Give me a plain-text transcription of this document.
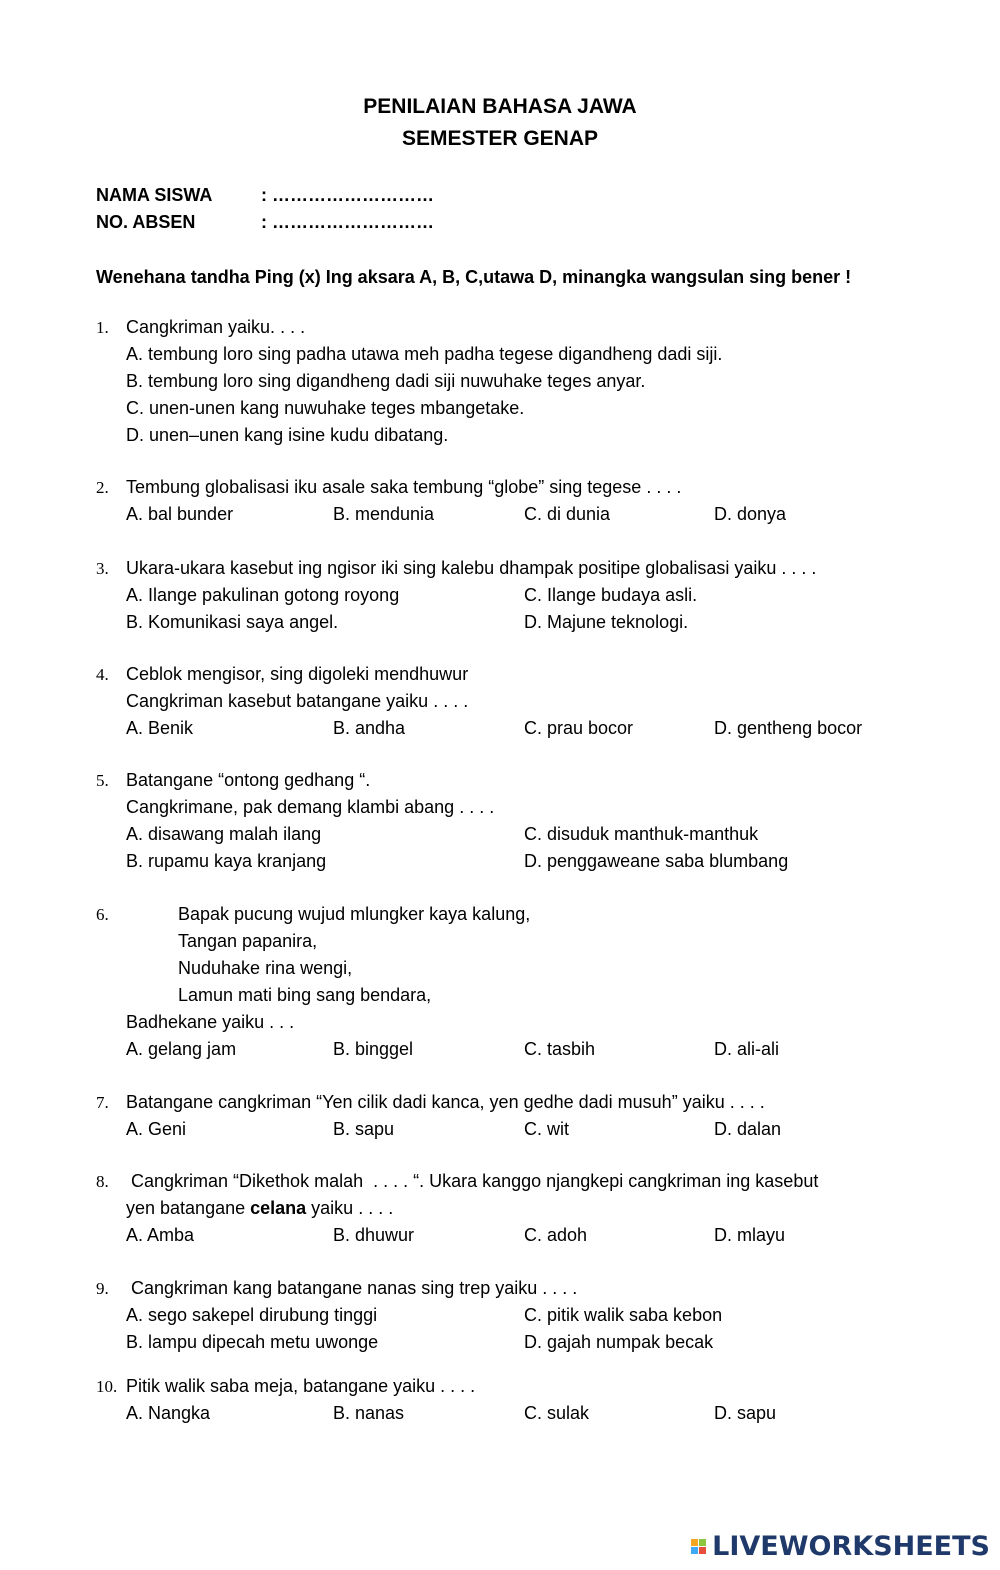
PENILAIAN BAHASA JAWA
SEMESTER GENAP
NAMA SISWA	: ………………………
NO. ABSEN	: ………………………
Wenehana tandha Ping (x) Ing aksara A, B, C,utawa D, minangka wangsulan sing bener !
1. Cangkriman yaiku. . . .
A. tembung loro sing padha utawa meh padha tegese digandheng dadi siji.
B. tembung loro sing digandheng dadi siji nuwuhake teges anyar.
C. unen-unen kang nuwuhake teges mbangetake.
D. unen–unen kang isine kudu dibatang.
2. Tembung globalisasi iku asale saka tembung “globe” sing tegese . . . .
A. bal bunder	B. mendunia	C. di dunia	D. donya
3. Ukara-ukara kasebut ing ngisor iki sing kalebu dhampak positipe globalisasi yaiku . . . .
A. Ilange pakulinan gotong royong	C. Ilange budaya asli.
B. Komunikasi saya angel.	D. Majune teknologi.
4. Ceblok mengisor, sing digoleki mendhuwur
Cangkriman kasebut batangane yaiku . . . .
A. Benik	B. andha	C. prau bocor	D. gentheng bocor
5. Batangane “ontong gedhang “.
Cangkrimane, pak demang klambi abang . . . .
A. disawang malah ilang	C. disuduk manthuk-manthuk
B. rupamu kaya kranjang	D. penggaweane saba blumbang
6.	Bapak pucung wujud mlungker kaya kalung,
Tangan papanira,
Nuduhake rina wengi,
Lamun mati bing sang bendara,
Badhekane yaiku . . .
A. gelang jam	B. binggel	C. tasbih	D. ali-ali
7. Batangane cangkriman “Yen cilik dadi kanca, yen gedhe dadi musuh” yaiku . . . .
A. Geni	B. sapu	C. wit	D. dalan
8. Cangkriman “Dikethok malah  . . . . “. Ukara kanggo njangkepi cangkriman ing kasebut
yen batangane celana yaiku . . . .
A. Amba	B. dhuwur	C. adoh	D. mlayu
9. Cangkriman kang batangane nanas sing trep yaiku . . . .
A. sego sakepel dirubung tinggi	C. pitik walik saba kebon
B. lampu dipecah metu uwonge	D. gajah numpak becak
10. Pitik walik saba meja, batangane yaiku . . . .
A. Nangka	B. nanas	C. sulak	D. sapu
LIVEWORKSHEETS
